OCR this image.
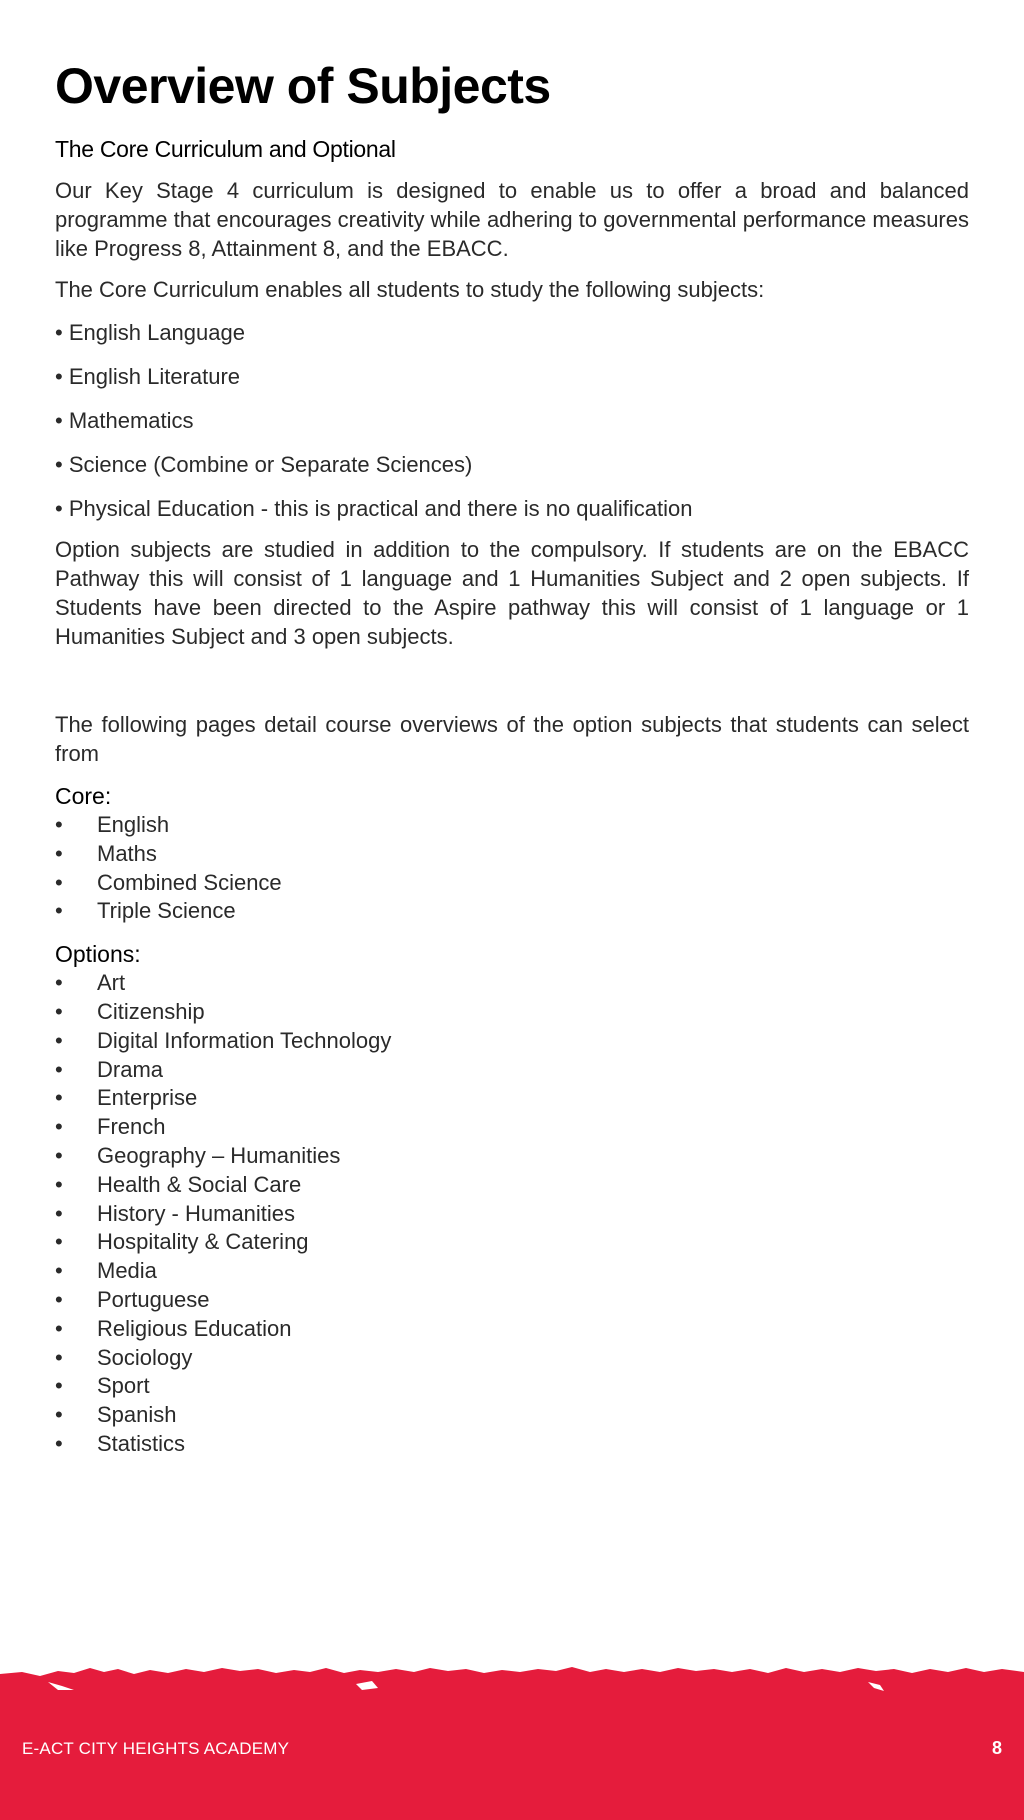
Overview of Subjects
The Core Curriculum and Optional

Our Key Stage 4 curriculum is designed to enable us to offer a broad and balanced programme that encourages creativity while adhering to governmental performance measures like Progress 8, Attainment 8, and the EBACC.

The Core Curriculum enables all students to study the following subjects:

• English Language
• English Literature
• Mathematics
• Science (Combine or Separate Sciences)
• Physical Education - this is practical and there is no qualification

Option subjects are studied in addition to the compulsory. If students are on the EBACC Pathway this will consist of 1 language and 1 Humanities Subject and 2 open subjects. If Students have been directed to the Aspire pathway this will consist of 1 language or 1 Humanities Subject and 3 open subjects.

The following pages detail course overviews of the option subjects that students can select from

Core:
•	English
•	Maths
•	Combined Science
•	Triple Science
Options:
•	Art
•	Citizenship
•	Digital Information Technology
•	Drama
•	Enterprise
•	French
•	Geography – Humanities
•	Health & Social Care
•	History - Humanities
•	Hospitality & Catering
•	Media
•	Portuguese
•	Religious Education
•	Sociology
•	Sport
•	Spanish
•	Statistics
E-ACT CITY HEIGHTS ACADEMY	8
